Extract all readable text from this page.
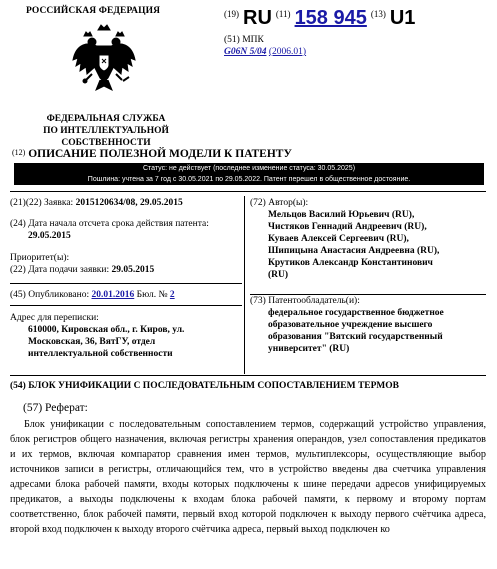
РОССИЙСКАЯ ФЕДЕРАЦИЯ
ФЕДЕРАЛЬНАЯ СЛУЖБА
ПО ИНТЕЛЛЕКТУАЛЬНОЙ СОБСТВЕННОСТИ
$^{(19)}$ RU $^{(11)}$ 158 945 $^{(13)}$ U1
(51) МПК
G06N 5/04 (2006.01)
$^{(12)}$ ОПИСАНИЕ ПОЛЕЗНОЙ МОДЕЛИ К ПАТЕНТУ
Статус: не действует (последнее изменение статуса: 30.05.2025)
Пошлина: учтена за 7 год с 30.05.2021 по 29.05.2022. Патент перешел в общественное достояние.
(21)(22) Заявка: 2015120634/08, 29.05.2015
(24) Дата начала отсчета срока действия патента:
29.05.2015
Приоритет(ы):
(22) Дата подачи заявки: 29.05.2015
(45) Опубликовано: 20.01.2016 Бюл. № 2
Адрес для переписки:
610000, Кировская обл., г. Киров, ул.
Московская, 36, ВятГУ, отдел
интеллектуальной собственности
(72) Автор(ы):
Мельцов Василий Юрьевич (RU),
Чистяков Геннадий Андреевич (RU),
Кувaeв Алексей Сергеевич (RU),
Шипицына Анастасия Андреевна (RU),
Крутиков Александр Константинович
(RU)
(73) Патентообладатель(и):
федеральное государственное бюджетное
образовательное учреждение высшего
образования "Вятский государственный
университет" (RU)
(54) БЛОК УНИФИКАЦИИ С ПОСЛЕДОВАТЕЛЬНЫМ СОПОСТАВЛЕНИЕМ ТЕРМОВ
(57) Реферат:
Блок унификации с последовательным сопоставлением термов, содержащий устройство управления, блок регистров общего назначения, включая регистры хранения операндов, узел сопоставления предикатов и их термов, включая компаратор сравнения имен термов, мультиплексоры, осуществляющие выбор источников записи в регистры, отличающийся тем, что в устройство введены два счетчика управления адресами блока рабочей памяти, входы которых подключены к шине передачи адресов унифицируемых предикатов, а выходы подключены к входам блока рабочей памяти, к первому и второму портам соответственно, блок рабочей памяти, первый вход которой подключен к выходу первого счётчика адреса, второй вход подключен к выходу второго счётчика адреса, первый выход подключен ко
